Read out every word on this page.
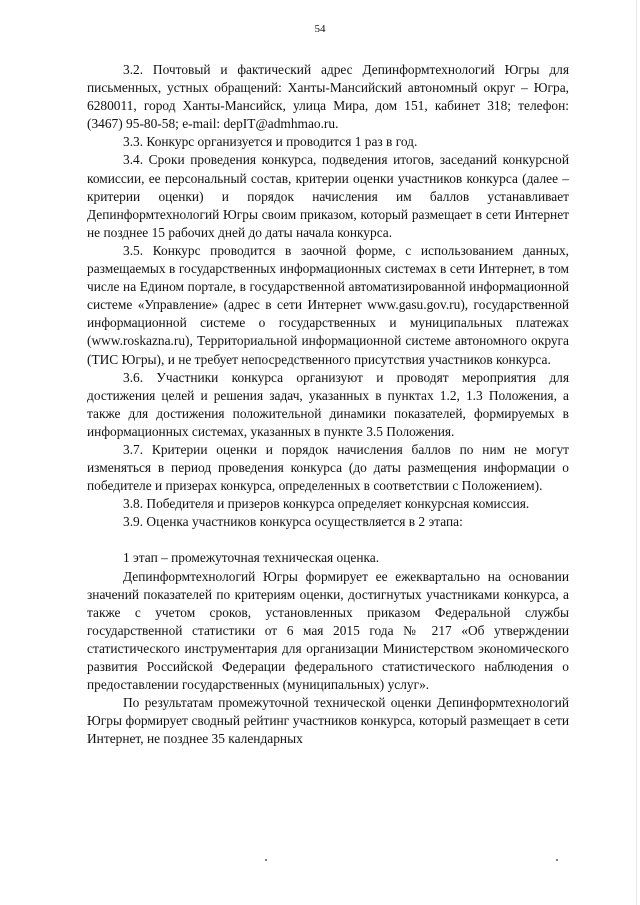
54

3.2. Почтовый и фактический адрес Депинформтехнологий Югры для письменных, устных обращений: Ханты-Мансийский автономный округ – Югра, 6280011, город Ханты-Мансийск, улица Мира, дом 151, кабинет 318; телефон: (3467) 95-80-58; e-mail: depIT@admhmao.ru.

3.3. Конкурс организуется и проводится 1 раз в год.

3.4. Сроки проведения конкурса, подведения итогов, заседаний конкурсной комиссии, ее персональный состав, критерии оценки участников конкурса (далее – критерии оценки) и порядок начисления им баллов устанавливает Депинформтехнологий Югры своим приказом, который размещает в сети Интернет не позднее 15 рабочих дней до даты начала конкурса.

3.5. Конкурс проводится в заочной форме, с использованием данных, размещаемых в государственных информационных системах в сети Интернет, в том числе на Едином портале, в государственной автоматизированной информационной системе «Управление» (адрес в сети Интернет www.gasu.gov.ru), государственной информационной системе о государственных и муниципальных платежах (www.roskazna.ru), Территориальной информационной системе автономного округа (ТИС Югры), и не требует непосредственного присутствия участников конкурса.

3.6. Участники конкурса организуют и проводят мероприятия для достижения целей и решения задач, указанных в пунктах 1.2, 1.3 Положения, а также для достижения положительной динамики показателей, формируемых в информационных системах, указанных в пункте 3.5 Положения.

3.7. Критерии оценки и порядок начисления баллов по ним не могут изменяться в период проведения конкурса (до даты размещения информации о победителе и призерах конкурса, определенных в соответствии с Положением).

3.8. Победителя и призеров конкурса определяет конкурсная комиссия.

3.9. Оценка участников конкурса осуществляется в 2 этапа:

1 этап – промежуточная техническая оценка.

Депинформтехнологий Югры формирует ее ежеквартально на основании значений показателей по критериям оценки, достигнутых участниками конкурса, а также с учетом сроков, установленных приказом Федеральной службы государственной статистики от 6 мая 2015 года № 217 «Об утверждении статистического инструментария для организации Министерством экономического развития Российской Федерации федерального статистического наблюдения о предоставлении государственных (муниципальных) услуг».

По результатам промежуточной технической оценки Депинформтехнологий Югры формирует сводный рейтинг участников конкурса, который размещает в сети Интернет, не позднее 35 календарных
